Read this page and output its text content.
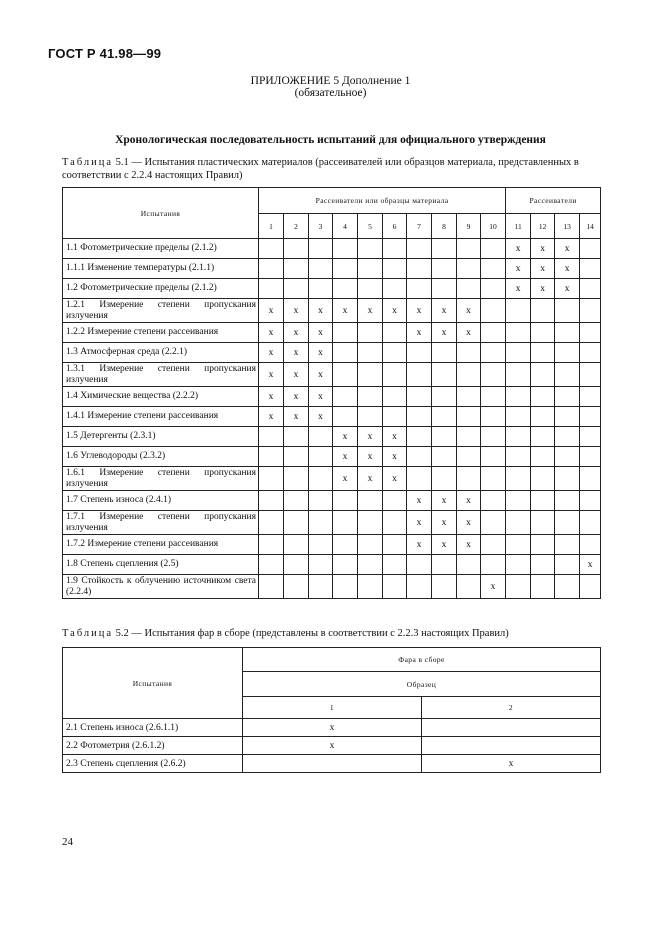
ГОСТ Р 41.98—99
ПРИЛОЖЕНИЕ 5 Дополнение 1
(обязательное)
Хронологическая последовательность испытаний для официального утверждения
Таблица 5.1 — Испытания пластических материалов (рассеивателей или образцов материала, представленных в соответствии с 2.2.4 настоящих Правил)
Испытания	Рассеиватели или образцы материала										Рассеиватели			
	1	2	3	4	5	6	7	8	9	10	11	12	13	14
1.1 Фотометрические пределы (2.1.2)											x	x	x	
1.1.1 Изменение температуры (2.1.1)											x	x	x	
1.2 Фотометрические пределы (2.1.2)											x	x	x	
1.2.1 Измерение степени пропускания излучения	x	x	x	x	x	x	x	x	x					
1.2.2 Измерение степени рассеивания	x	x	x				x	x	x					
1.3 Атмосферная среда (2.2.1)	x	x	x											
1.3.1 Измерение степени пропускания излучения	x	x	x											
1.4 Химические вещества (2.2.2)	x	x	x											
1.4.1 Измерение степени рассеивания	x	x	x											
1.5 Детергенты (2.3.1)				x	x	x								
1.6 Углеводороды (2.3.2)				x	x	x								
1.6.1 Измерение степени пропускания излучения				x	x	x								
1.7 Степень износа (2.4.1)							x	x	x					
1.7.1 Измерение степени пропускания излучения							x	x	x					
1.7.2 Измерение степени рассеивания							x	x	x					
1.8 Степень сцепления (2.5)														x
1.9 Стойкость к облучению источником света (2.2.4)										x				
Таблица 5.2 — Испытания фар в сборе (представлены в соответствии с 2.2.3 настоящих Правил)
Испытания	Фара в сборе	
	Образец	
	1	2
2.1 Степень износа (2.6.1.1)	x	
2.2 Фотометрия (2.6.1.2)	x	
2.3 Степень сцепления (2.6.2)		x
24
